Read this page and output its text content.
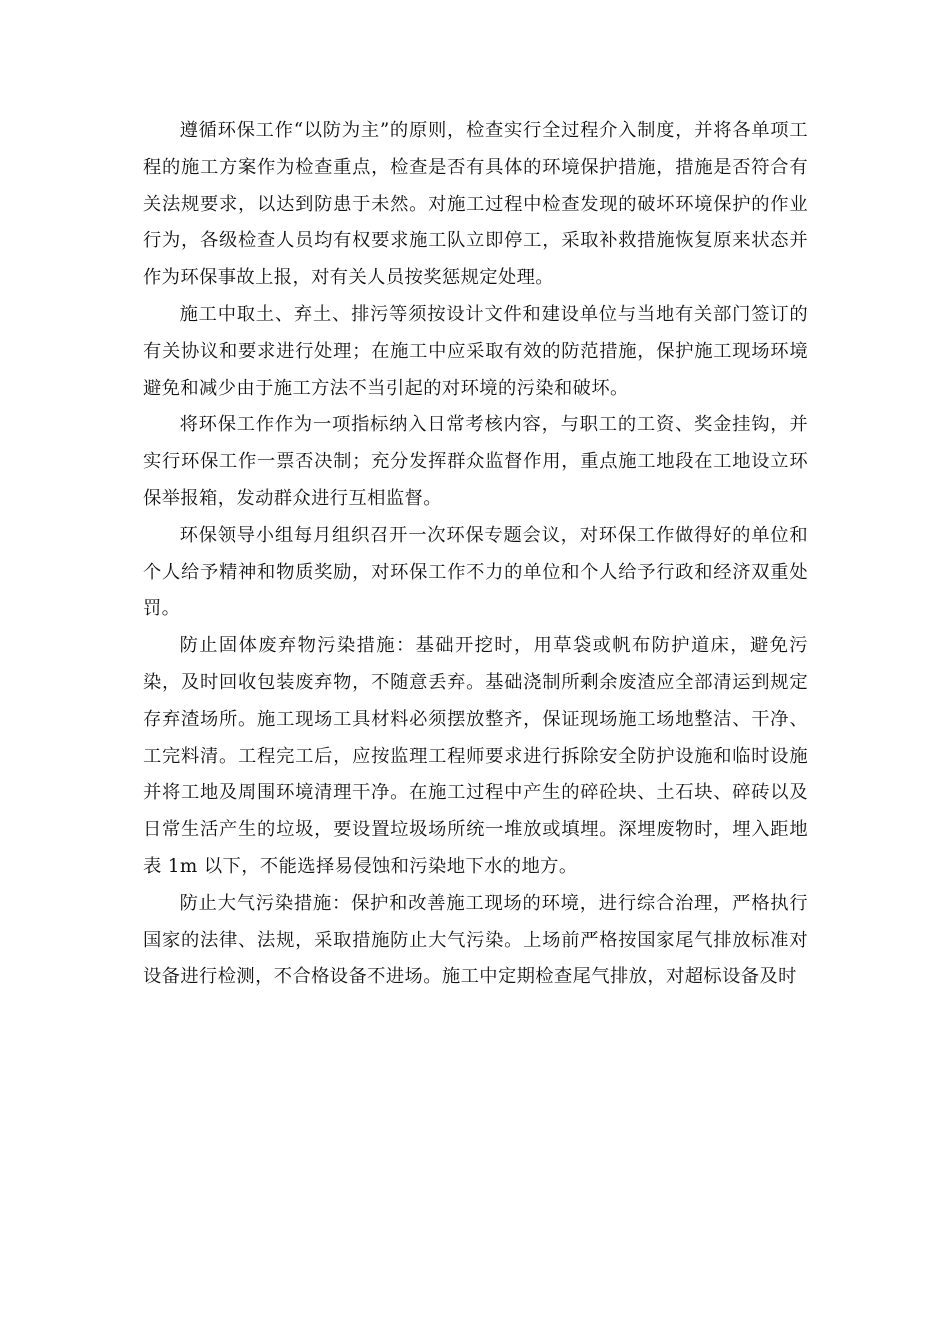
遵循环保工作“以防为主”的原则，检查实行全过程介入制度，并将各单项工程的施工方案作为检查重点，检查是否有具体的环境保护措施，措施是否符合有关法规要求，以达到防患于未然。对施工过程中检查发现的破坏环境保护的作业行为，各级检查人员均有权要求施工队立即停工，采取补救措施恢复原来状态并作为环保事故上报，对有关人员按奖惩规定处理。

施工中取土、弃土、排污等须按设计文件和建设单位与当地有关部门签订的有关协议和要求进行处理；在施工中应采取有效的防范措施，保护施工现场环境避免和减少由于施工方法不当引起的对环境的污染和破坏。

将环保工作作为一项指标纳入日常考核内容，与职工的工资、奖金挂钩，并实行环保工作一票否决制；充分发挥群众监督作用，重点施工地段在工地设立环保举报箱，发动群众进行互相监督。

环保领导小组每月组织召开一次环保专题会议，对环保工作做得好的单位和个人给予精神和物质奖励，对环保工作不力的单位和个人给予行政和经济双重处罚。

防止固体废弃物污染措施：基础开挖时，用草袋或帆布防护道床，避免污染，及时回收包装废弃物，不随意丢弃。基础浇制所剩余废渣应全部清运到规定存弃渣场所。施工现场工具材料必须摆放整齐，保证现场施工场地整洁、干净、工完料清。工程完工后，应按监理工程师要求进行拆除安全防护设施和临时设施并将工地及周围环境清理干净。在施工过程中产生的碎砼块、土石块、碎砖以及日常生活产生的垃圾，要设置垃圾场所统一堆放或填埋。深埋废物时，埋入距地表 1m 以下，不能选择易侵蚀和污染地下水的地方。

防止大气污染措施：保护和改善施工现场的环境，进行综合治理，严格执行国家的法律、法规，采取措施防止大气污染。上场前严格按国家尾气排放标准对设备进行检测，不合格设备不进场。施工中定期检查尾气排放，对超标设备及时
